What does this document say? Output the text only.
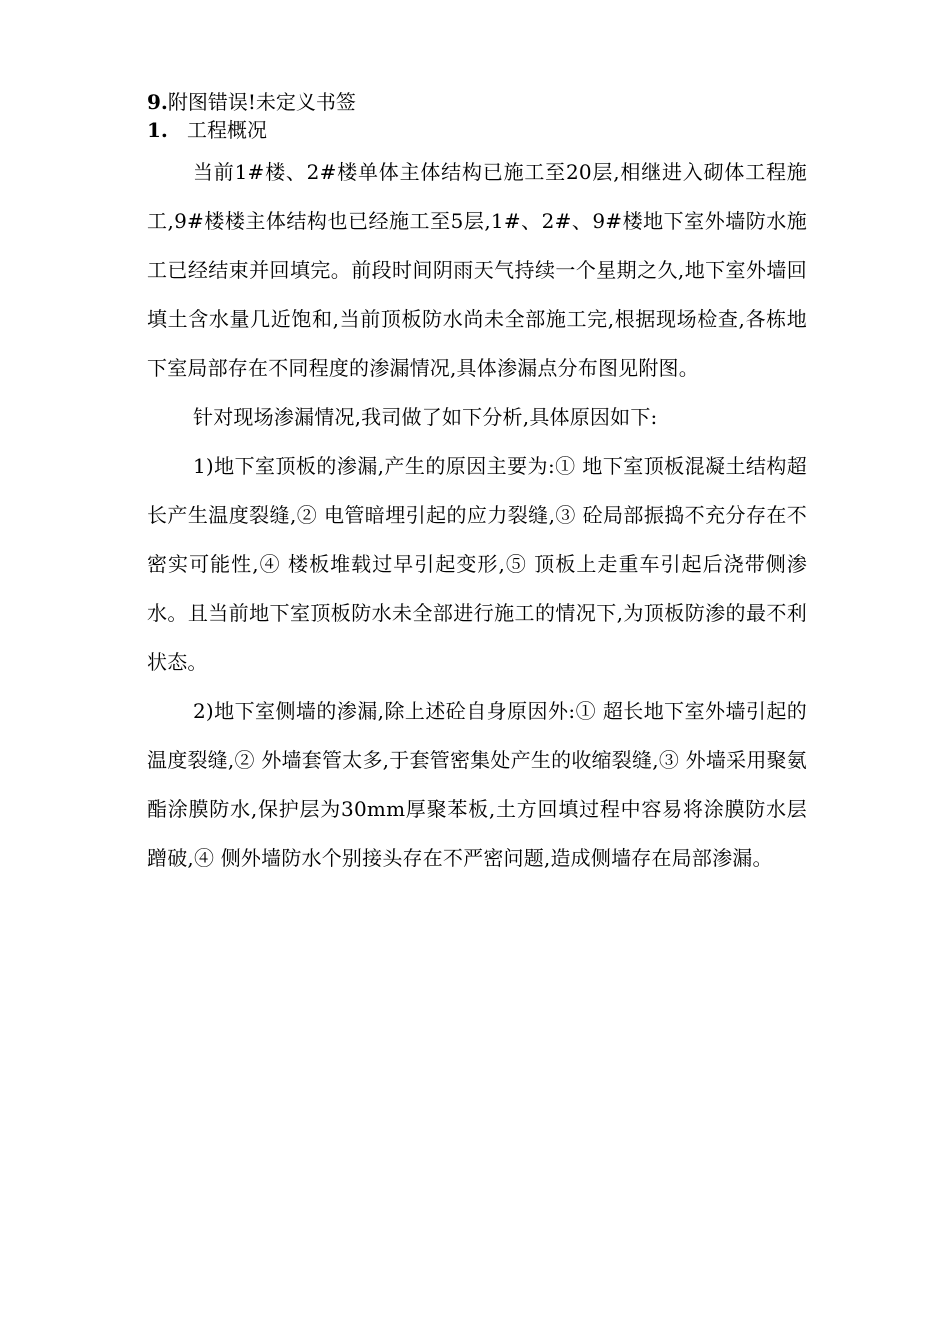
9.附图错误!未定义书签
1. 工程概况

当前1#楼、2#楼单体主体结构已施工至20层,相继进入砌体工程施工,9#楼楼主体结构也已经施工至5层,1#、2#、9#楼地下室外墙防水施工已经结束并回填完。前段时间阴雨天气持续一个星期之久,地下室外墙回填土含水量几近饱和,当前顶板防水尚未全部施工完,根据现场检查,各栋地下室局部存在不同程度的渗漏情况,具体渗漏点分布图见附图。

针对现场渗漏情况,我司做了如下分析,具体原因如下:

1)地下室顶板的渗漏,产生的原因主要为:① 地下室顶板混凝土结构超长产生温度裂缝,② 电管暗埋引起的应力裂缝,③ 砼局部振捣不充分存在不密实可能性,④ 楼板堆载过早引起变形,⑤ 顶板上走重车引起后浇带侧渗水。且当前地下室顶板防水未全部进行施工的情况下,为顶板防渗的最不利状态。

2)地下室侧墙的渗漏,除上述砼自身原因外:① 超长地下室外墙引起的温度裂缝,② 外墙套管太多,于套管密集处产生的收缩裂缝,③ 外墙采用聚氨酯涂膜防水,保护层为30mm厚聚苯板,土方回填过程中容易将涂膜防水层蹭破,④ 侧外墙防水个别接头存在不严密问题,造成侧墙存在局部渗漏。
